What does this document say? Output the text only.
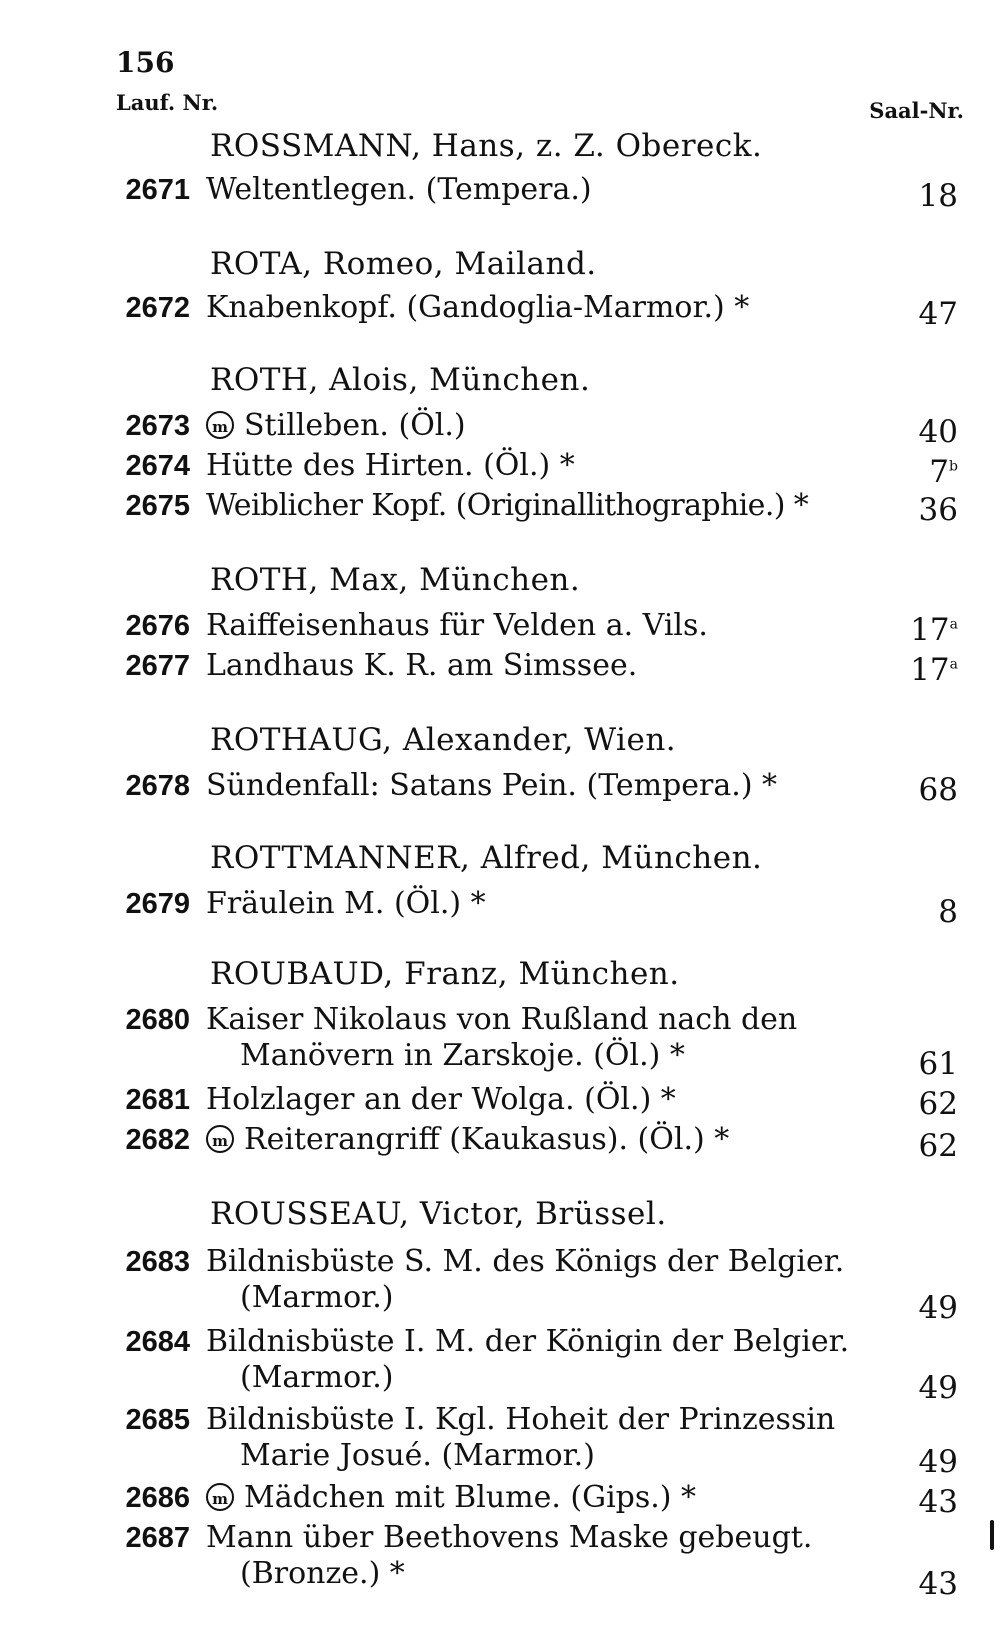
156
Lauf. Nr.	Saal-Nr.
ROSSMANN, Hans, z. Z. Obereck.
2671 Weltentlegen. (Tempera.)	18
ROTA, Romeo, Mailand.
2672 Knabenkopf. (Gandoglia-Marmor.) *	47
ROTH, Alois, München.
2673	m Stilleben. (Öl.)	40
2674 Hütte des Hirten. (Öl.) *	7$^b$
2675 Weiblicher Kopf. (Originallithographie.) *	36
ROTH, Max, München.
2676 Raiffeisenhaus für Velden a. Vils.	17$^a$
2677 Landhaus K. R. am Simssee.	17$^a$
ROTHAUG, Alexander, Wien.
2678 Sündenfall: Satans Pein. (Tempera.) *	68
ROTTMANNER, Alfred, München.
2679 Fräulein M. (Öl.) *	8
ROUBAUD, Franz, München.
2680 Kaiser Nikolaus von Rußland nach den
Manövern in Zarskoje. (Öl.) *	61
2681 Holzlager an der Wolga. (Öl.) *	62
2682	m Reiterangriff (Kaukasus). (Öl.) *	62
ROUSSEAU, Victor, Brüssel.
2683 Bildnisbüste S. M. des Königs der Belgier.
(Marmor.)	49
2684 Bildnisbüste I. M. der Königin der Belgier.
(Marmor.)	49
2685 Bildnisbüste I. Kgl. Hoheit der Prinzessin
Marie Josué. (Marmor.)	49
2686	m Mädchen mit Blume. (Gips.) *	43
2687 Mann über Beethovens Maske gebeugt.
(Bronze.) *	43
